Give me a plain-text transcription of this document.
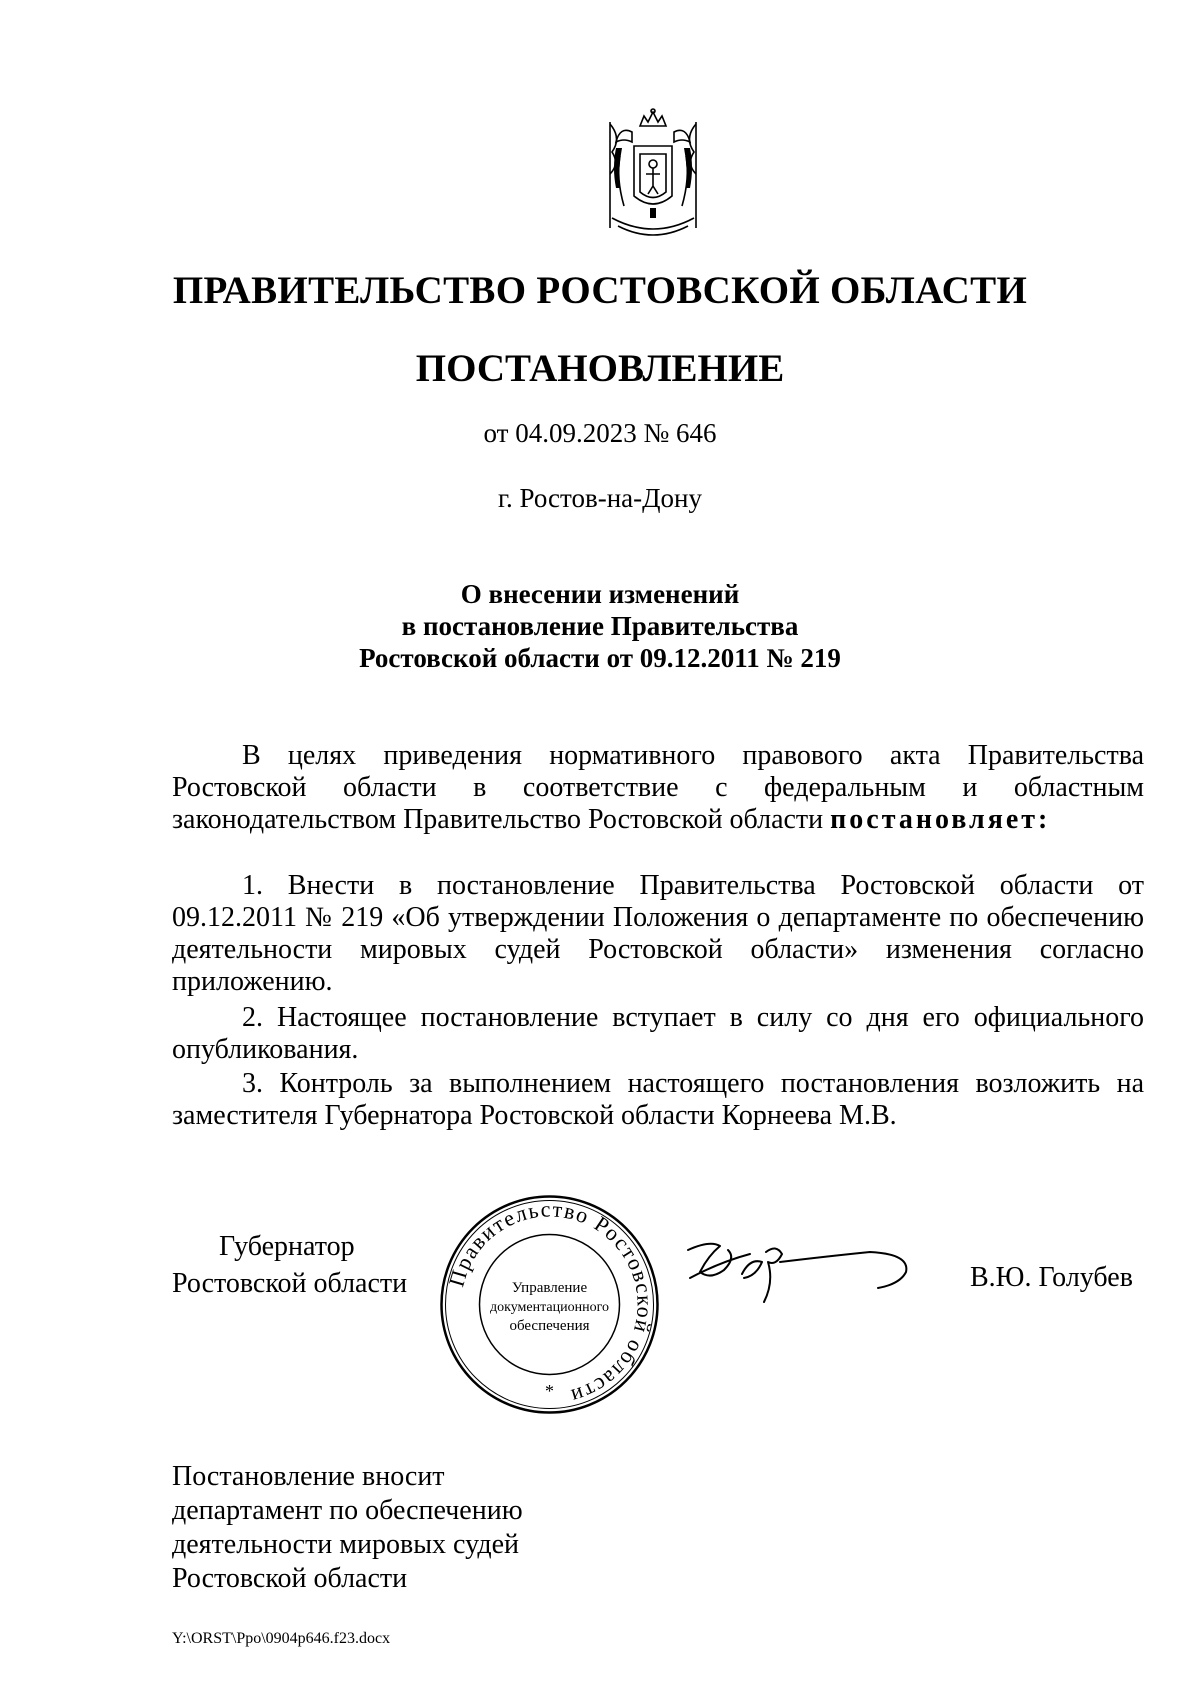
ПРАВИТЕЛЬСТВО РОСТОВСКОЙ ОБЛАСТИ
ПОСТАНОВЛЕНИЕ
от 04.09.2023 № 646
г. Ростов-на-Дону
О внесении изменений
в постановление Правительства
Ростовской области от 09.12.2011 № 219
В целях приведения нормативного правового акта Правительства Ростовской области в соответствие с федеральным и областным законодательством Правительство Ростовской области постановляет:
1. Внести в постановление Правительства Ростовской области от 09.12.2011 № 219 «Об утверждении Положения о департаменте по обеспечению деятельности мировых судей Ростовской области» изменения согласно приложению.
2. Настоящее постановление вступает в силу со дня его официального опубликования.
3. Контроль за выполнением настоящего постановления возложить на заместителя Губернатора Ростовской области Корнеева М.В.
Губернатор
Ростовской области Правительство Ростовской области
Управление
документационного
обеспечения
*
В.Ю. Голубев
Постановление вносит
департамент по обеспечению
деятельности мировых судей
Ростовской области
Y:\ORST\Ppo\0904p646.f23.docx
